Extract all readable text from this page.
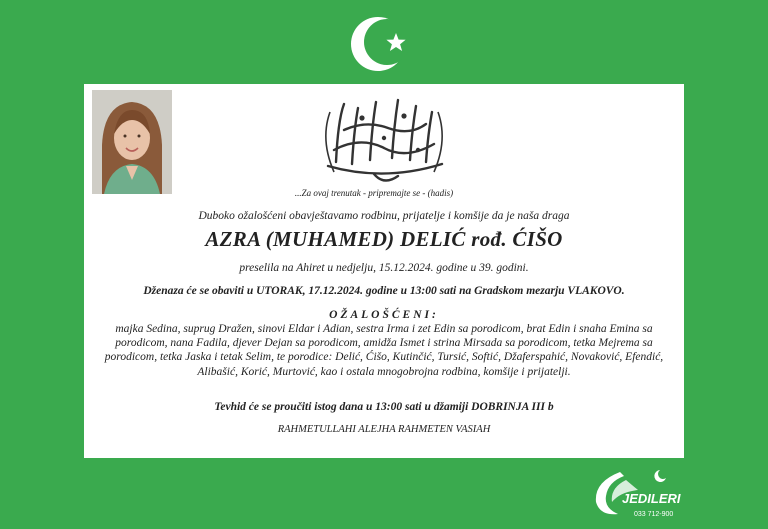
...Za ovaj trenutak - pripremajte se - (hadis)
Duboko ožalošćeni obavještavamo rodbinu, prijatelje i komšije da je naša draga
AZRA (MUHAMED) DELIĆ rođ. ĆIŠO
preselila na Ahiret u nedjelju, 15.12.2024. godine u 39. godini.
Dženaza će se obaviti u UTORAK, 17.12.2024. godine u 13:00 sati na Gradskom mezarju VLAKOVO.
OŽALOŠĆENI:
majka Sedina, suprug Dražen, sinovi Eldar i Adian, sestra Irma i zet Edin sa porodicom, brat Edin i snaha Emina sa porodicom, nana Fadila, djever Dejan sa porodicom, amidža Ismet i strina Mirsada sa porodicom, tetka Mejrema sa porodicom, tetka Jaska i tetak Selim, te porodice: Delić, Ćišo, Kutinčić, Tursić, Softić, Džaferspahić, Novaković, Efendić, Alibašić, Korić, Murtović, kao i ostala mnogobrojna rodbina, komšije i prijatelji.
Tevhid će se proučiti istog dana u 13:00 sati u džamiji DOBRINJA III b
RAHMETULLAHI ALEJHA RAHMETEN VASIAH
JEDILERI
033 712-900
